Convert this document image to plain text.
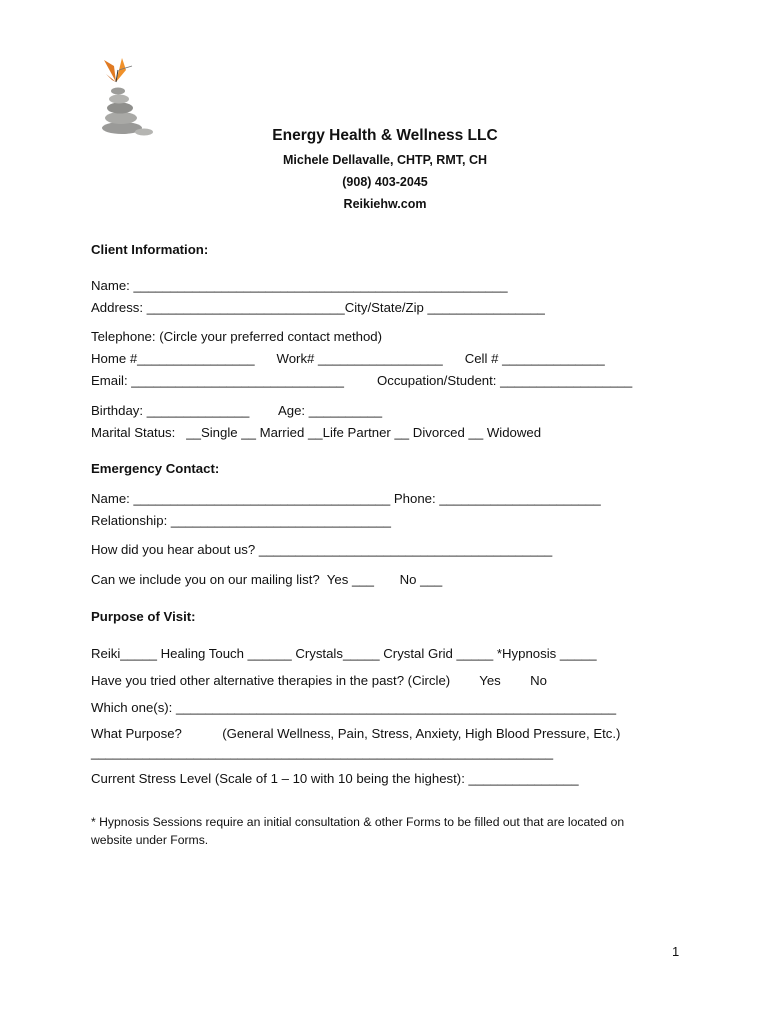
Energy Health & Wellness LLC
Michele Dellavalle, CHTP, RMT, CH
(908) 403-2045
Reikiehw.com
Client Information:
Name: ___________________________________________________
Address: ___________________________City/State/Zip ________________
Telephone: (Circle your preferred contact method)
Home #________________      Work# _________________      Cell # ______________
Email: _____________________________         Occupation/Student: __________________
Birthday: ______________        Age: __________
Marital Status:   __Single __ Married __Life Partner __ Divorced __ Widowed
Emergency Contact:
Name: ___________________________________ Phone: ______________________
Relationship: ______________________________
How did you hear about us? ________________________________________
Can we include you on our mailing list?  Yes ___       No ___
Purpose of Visit:
Reiki_____ Healing Touch ______ Crystals_____ Crystal Grid _____ *Hypnosis _____
Have you tried other alternative therapies in the past? (Circle)        Yes        No
Which one(s): ____________________________________________________________
What Purpose?           (General Wellness, Pain, Stress, Anxiety, High Blood Pressure, Etc.)
_______________________________________________________________
Current Stress Level (Scale of 1 – 10 with 10 being the highest): _______________
* Hypnosis Sessions require an initial consultation & other Forms to be filled out that are located on
website under Forms.
1
